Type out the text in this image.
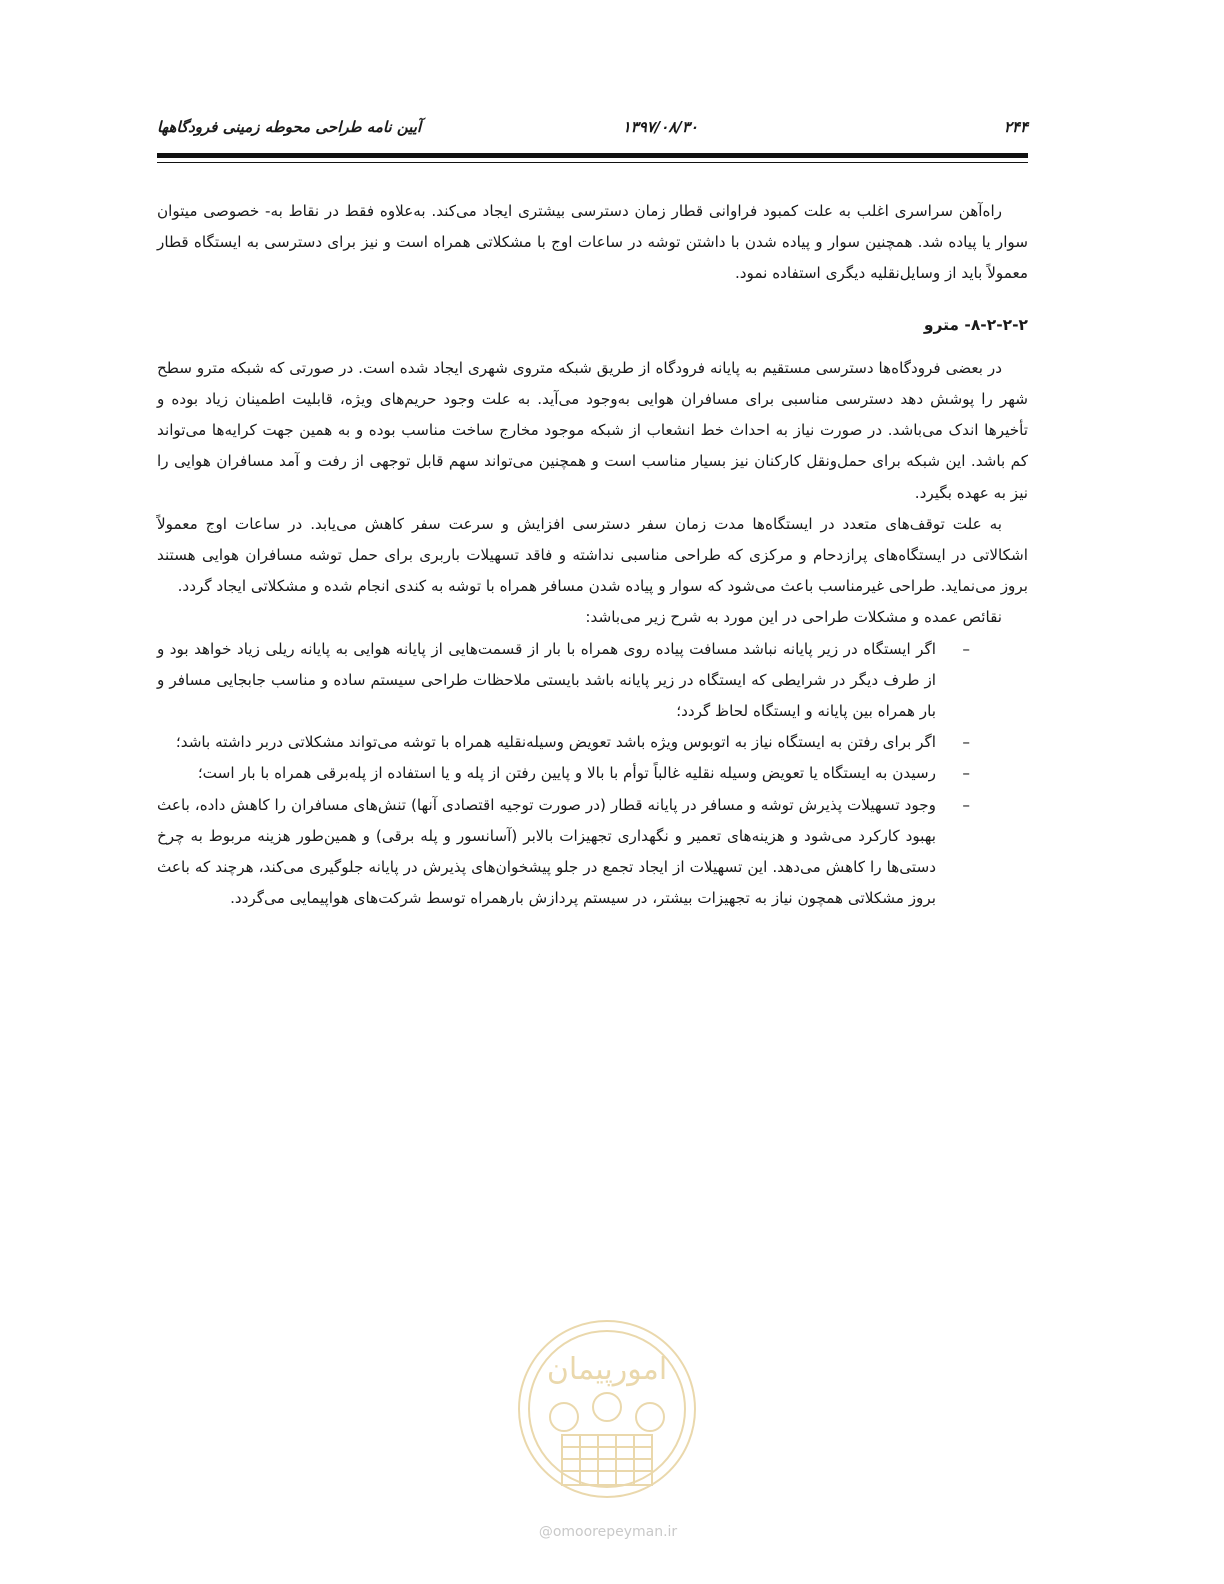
۲۴۴
۱۳۹۷/۰۸/۳۰
آیین نامه طراحی محوطه زمینی فرودگاهها

راه‌آهن سراسری اغلب به علت کمبود فراوانی قطار زمان دسترسی بیشتری ایجاد می‌کند. به‌علاوه فقط در نقاط به- خصوصی میتوان سوار یا پیاده شد. همچنین سوار و پیاده شدن با داشتن توشه در ساعات اوج با مشکلاتی همراه است و نیز برای دسترسی به ایستگاه قطار معمولاً باید از وسایل‌نقلیه دیگری استفاده نمود.

۸-۲-۲-۲- مترو

در بعضی فرودگاه‌ها دسترسی مستقیم به پایانه فرودگاه از طریق شبکه متروی شهری ایجاد شده است. در صورتی که شبکه مترو سطح شهر را پوشش دهد دسترسی مناسبی برای مسافران هوایی به‌وجود می‌آید. به علت وجود حریم‌های ویژه، قابلیت اطمینان زیاد بوده و تأخیرها اندک می‌باشد. در صورت نیاز به احداث خط انشعاب از شبکه موجود مخارج ساخت مناسب بوده و به همین جهت کرایه‌ها می‌تواند کم باشد. این شبکه برای حمل‌ونقل کارکنان نیز بسیار مناسب است و همچنین می‌تواند سهم قابل توجهی از رفت و آمد مسافران هوایی را نیز به عهده بگیرد.

به علت توقف‌های متعدد در ایستگاه‌ها مدت زمان سفر دسترسی افزایش و سرعت سفر کاهش می‌یابد. در ساعات اوج معمولاً اشکالاتی در ایستگاه‌های پرازدحام و مرکزی که طراحی مناسبی نداشته و فاقد تسهیلات باربری برای حمل توشه مسافران هوایی هستند بروز می‌نماید. طراحی غیرمناسب باعث می‌شود که سوار و پیاده شدن مسافر همراه با توشه به کندی انجام شده و مشکلاتی ایجاد گردد.

نقائص عمده و مشکلات طراحی در این مورد به شرح زیر می‌باشد:

–
اگر ایستگاه در زیر پایانه نباشد مسافت پیاده روی همراه با بار از قسمت‌هایی از پایانه هوایی به پایانه ریلی زیاد خواهد بود و از طرف دیگر در شرایطی که ایستگاه در زیر پایانه باشد بایستی ملاحظات طراحی سیستم ساده و مناسب جابجایی مسافر و بار همراه بین پایانه و ایستگاه لحاظ گردد؛
–
اگر برای رفتن به ایستگاه نیاز به اتوبوس ویژه باشد تعویض وسیله‌نقلیه همراه با توشه می‌تواند مشکلاتی دربر داشته باشد؛
–
رسیدن به ایستگاه یا تعویض وسیله نقلیه غالباً توأم با بالا و پایین رفتن از پله و یا استفاده از پله‌برقی همراه با بار است؛
–
وجود تسهیلات پذیرش توشه و مسافر در پایانه قطار (در صورت توجیه اقتصادی آنها) تنش‌های مسافران را کاهش داده، باعث بهبود کارکرد می‌شود و هزینه‌های تعمیر و نگهداری تجهیزات بالابر (آسانسور و پله برقی) و همین‌طور هزینه مربوط به چرخ دستی‌ها را کاهش می‌دهد. این تسهیلات از ایجاد تجمع در جلو پیشخوان‌های پذیرش در پایانه جلوگیری می‌کند، هرچند که باعث بروز مشکلاتی همچون نیاز به تجهیزات بیشتر، در سیستم پردازش بارهمراه توسط شرکت‌های هواپیمایی می‌گردد.
امورپیمان
@omoorepeyman.ir
